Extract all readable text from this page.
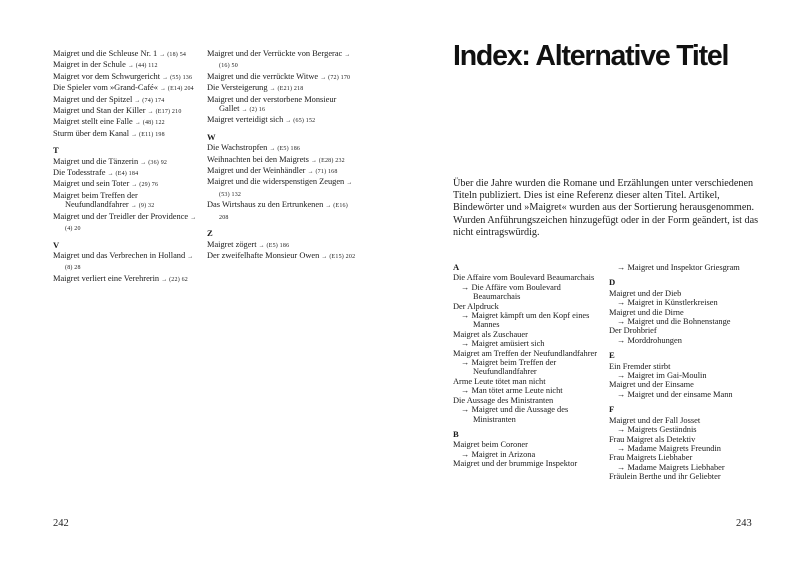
Maigret und die Schleuse Nr. 1 → (18) 54
Maigret in der Schule → (44) 112
Maigret vor dem Schwurgericht → (55) 136
Die Spieler vom »Grand-Café« → (E14) 204
Maigret und der Spitzel → (74) 174
Maigret und Stan der Killer → (E17) 210
Maigret stellt eine Falle → (48) 122
Sturm über dem Kanal → (E11) 198
T
Maigret und die Tänzerin → (36) 92
Die Todesstrafe → (E4) 184
Maigret und sein Toter → (29) 76
Maigret beim Treffen der Neufundlandfahrer → (9) 32
Maigret und der Treidler der Providence → (4) 20
V
Maigret und das Verbrechen in Holland → (8) 28
Maigret verliert eine Verehrerin → (22) 62
Maigret und der Verrückte von Bergerac → (16) 50
Maigret und die verrückte Witwe → (72) 170
Die Versteigerung → (E21) 218
Maigret und der verstorbene Monsieur Gallet → (2) 16
Maigret verteidigt sich → (65) 152
W
Die Wachstropfen → (E5) 186
Weihnachten bei den Maigrets → (E28) 232
Maigret und der Weinhändler → (71) 168
Maigret und die widerspenstigen Zeugen → (53) 132
Das Wirtshaus zu den Ertrunkenen → (E16) 208
Z
Maigret zögert → (E5) 186
Der zweifelhafte Monsieur Owen → (E15) 202
Index: Alternative Titel

Über die Jahre wurden die Romane und Erzählungen unter verschiedenen Titeln publiziert. Dies ist eine Referenz dieser alten Titel. Artikel, Bindewörter und »Maigret« wurden aus der Sortierung herausgenommen. Wurden Anführungszeichen hinzugefügt oder in der Form geändert, ist das nicht eintragswürdig.

A
Die Affaire vom Boulevard Beaumarchais
→ Die Affäre vom Boulevard Beaumarchais
Der Alpdruck
→ Maigret kämpft um den Kopf eines Mannes
Maigret als Zuschauer
→ Maigret amüsiert sich
Maigret am Treffen der Neufundlandfahrer
→ Maigret beim Treffen der Neufundlandfahrer
Arme Leute tötet man nicht
→ Man tötet arme Leute nicht
Die Aussage des Ministranten
→ Maigret und die Aussage des Ministranten
B
Maigret beim Coroner
→ Maigret in Arizona
Maigret und der brummige Inspektor
→ Maigret und Inspektor Griesgram
D
Maigret und der Dieb
→ Maigret in Künstlerkreisen
Maigret und die Dirne
→ Maigret und die Bohnenstange
Der Drohbrief
→ Morddrohungen
E
Ein Fremder stirbt
→ Maigret im Gai-Moulin
Maigret und der Einsame
→ Maigret und der einsame Mann
F
Maigret und der Fall Josset
→ Maigrets Geständnis
Frau Maigret als Detektiv
→ Madame Maigrets Freundin
Frau Maigrets Liebhaber
→ Madame Maigrets Liebhaber
Fräulein Berthe und ihr Geliebter
242	243
